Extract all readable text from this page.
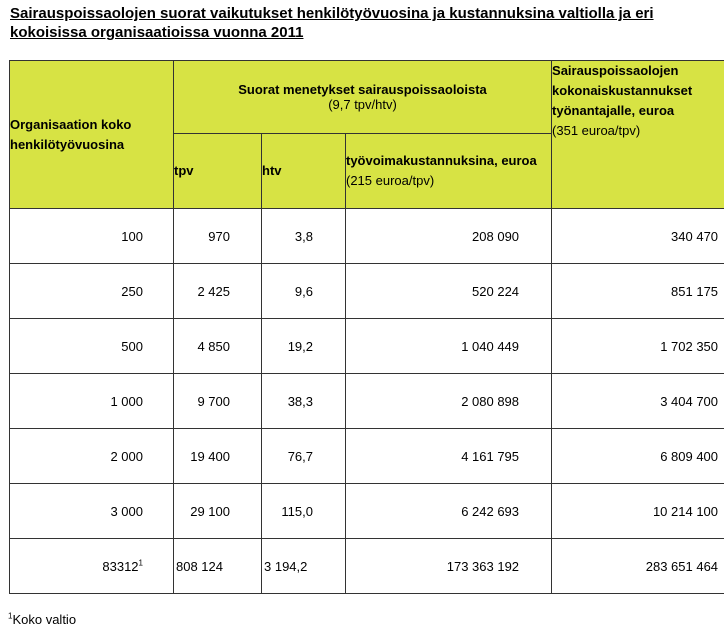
Sairauspoissaolojen suorat vaikutukset henkilötyövuosina ja kustannuksina valtiolla ja eri kokoisissa organisaatioissa vuonna 2011
Organisaation koko henkilötyövuosina	Suorat menetykset sairauspoissaoloista
(9,7 tpv/htv)			Sairauspoissaolojen kokonaiskustannukset työnantajalle, euroa
(351 euroa/tpv)
	tpv	htv	työvoimakustannuksina, euroa (215 euroa/tpv)	
100	970	3,8	208 090	340 470
250	2 425	9,6	520 224	851 175
500	4 850	19,2	1 040 449	1 702 350
1 000	9 700	38,3	2 080 898	3 404 700
2 000	19 400	76,7	4 161 795	6 809 400
3 000	29 100	115,0	6 242 693	10 214 100
83312$^1$	808 124	3 194,2	173 363 192	283 651 464
$^1$Koko valtio
